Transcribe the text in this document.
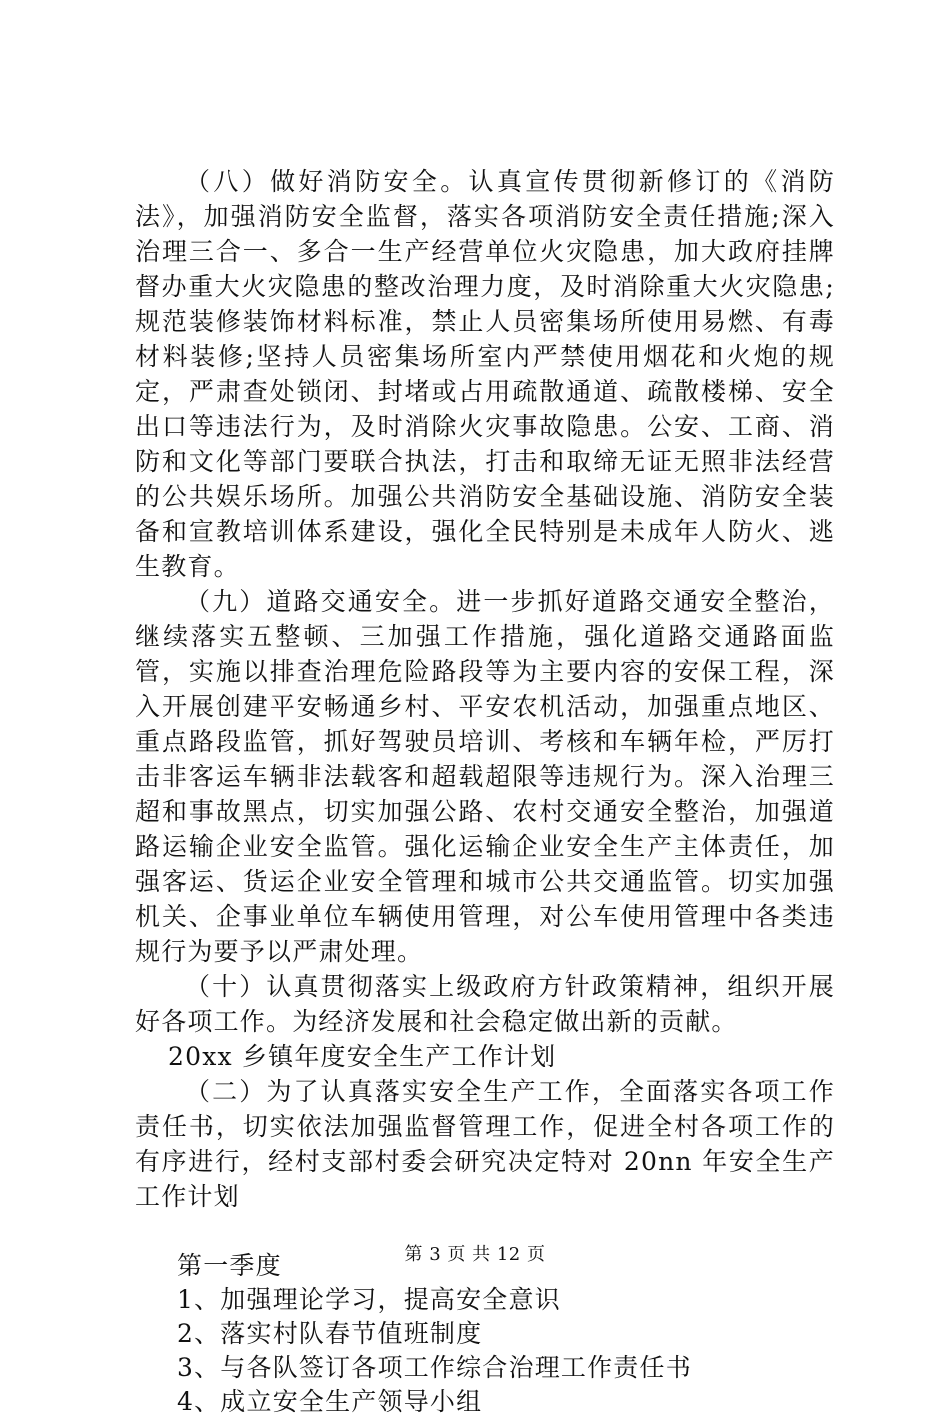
（八）做好消防安全。认真宣传贯彻新修订的《消防法》，加强消防安全监督，落实各项消防安全责任措施;深入治理三合一、多合一生产经营单位火灾隐患，加大政府挂牌督办重大火灾隐患的整改治理力度，及时消除重大火灾隐患;规范装修装饰材料标准，禁止人员密集场所使用易燃、有毒材料装修;坚持人员密集场所室内严禁使用烟花和火炮的规定，严肃查处锁闭、封堵或占用疏散通道、疏散楼梯、安全出口等违法行为，及时消除火灾事故隐患。公安、工商、消防和文化等部门要联合执法，打击和取缔无证无照非法经营的公共娱乐场所。加强公共消防安全基础设施、消防安全装备和宣教培训体系建设，强化全民特别是未成年人防火、逃生教育。

（九）道路交通安全。进一步抓好道路交通安全整治，继续落实五整顿、三加强工作措施，强化道路交通路面监管，实施以排查治理危险路段等为主要内容的安保工程，深入开展创建平安畅通乡村、平安农机活动，加强重点地区、重点路段监管，抓好驾驶员培训、考核和车辆年检，严厉打击非客运车辆非法载客和超载超限等违规行为。深入治理三超和事故黑点，切实加强公路、农村交通安全整治，加强道路运输企业安全监管。强化运输企业安全生产主体责任，加强客运、货运企业安全管理和城市公共交通监管。切实加强机关、企事业单位车辆使用管理，对公车使用管理中各类违规行为要予以严肃处理。

（十）认真贯彻落实上级政府方针政策精神，组织开展好各项工作。为经济发展和社会稳定做出新的贡献。

20xx 乡镇年度安全生产工作计划

（二）为了认真落实安全生产工作，全面落实各项工作责任书，切实依法加强监督管理工作，促进全村各项工作的有序进行，经村支部村委会研究决定特对 20nn 年安全生产工作计划

第一季度

1、加强理论学习，提高安全意识

2、落实村队春节值班制度

3、与各队签订各项工作综合治理工作责任书

4、成立安全生产领导小组

第 3 页 共 12 页
